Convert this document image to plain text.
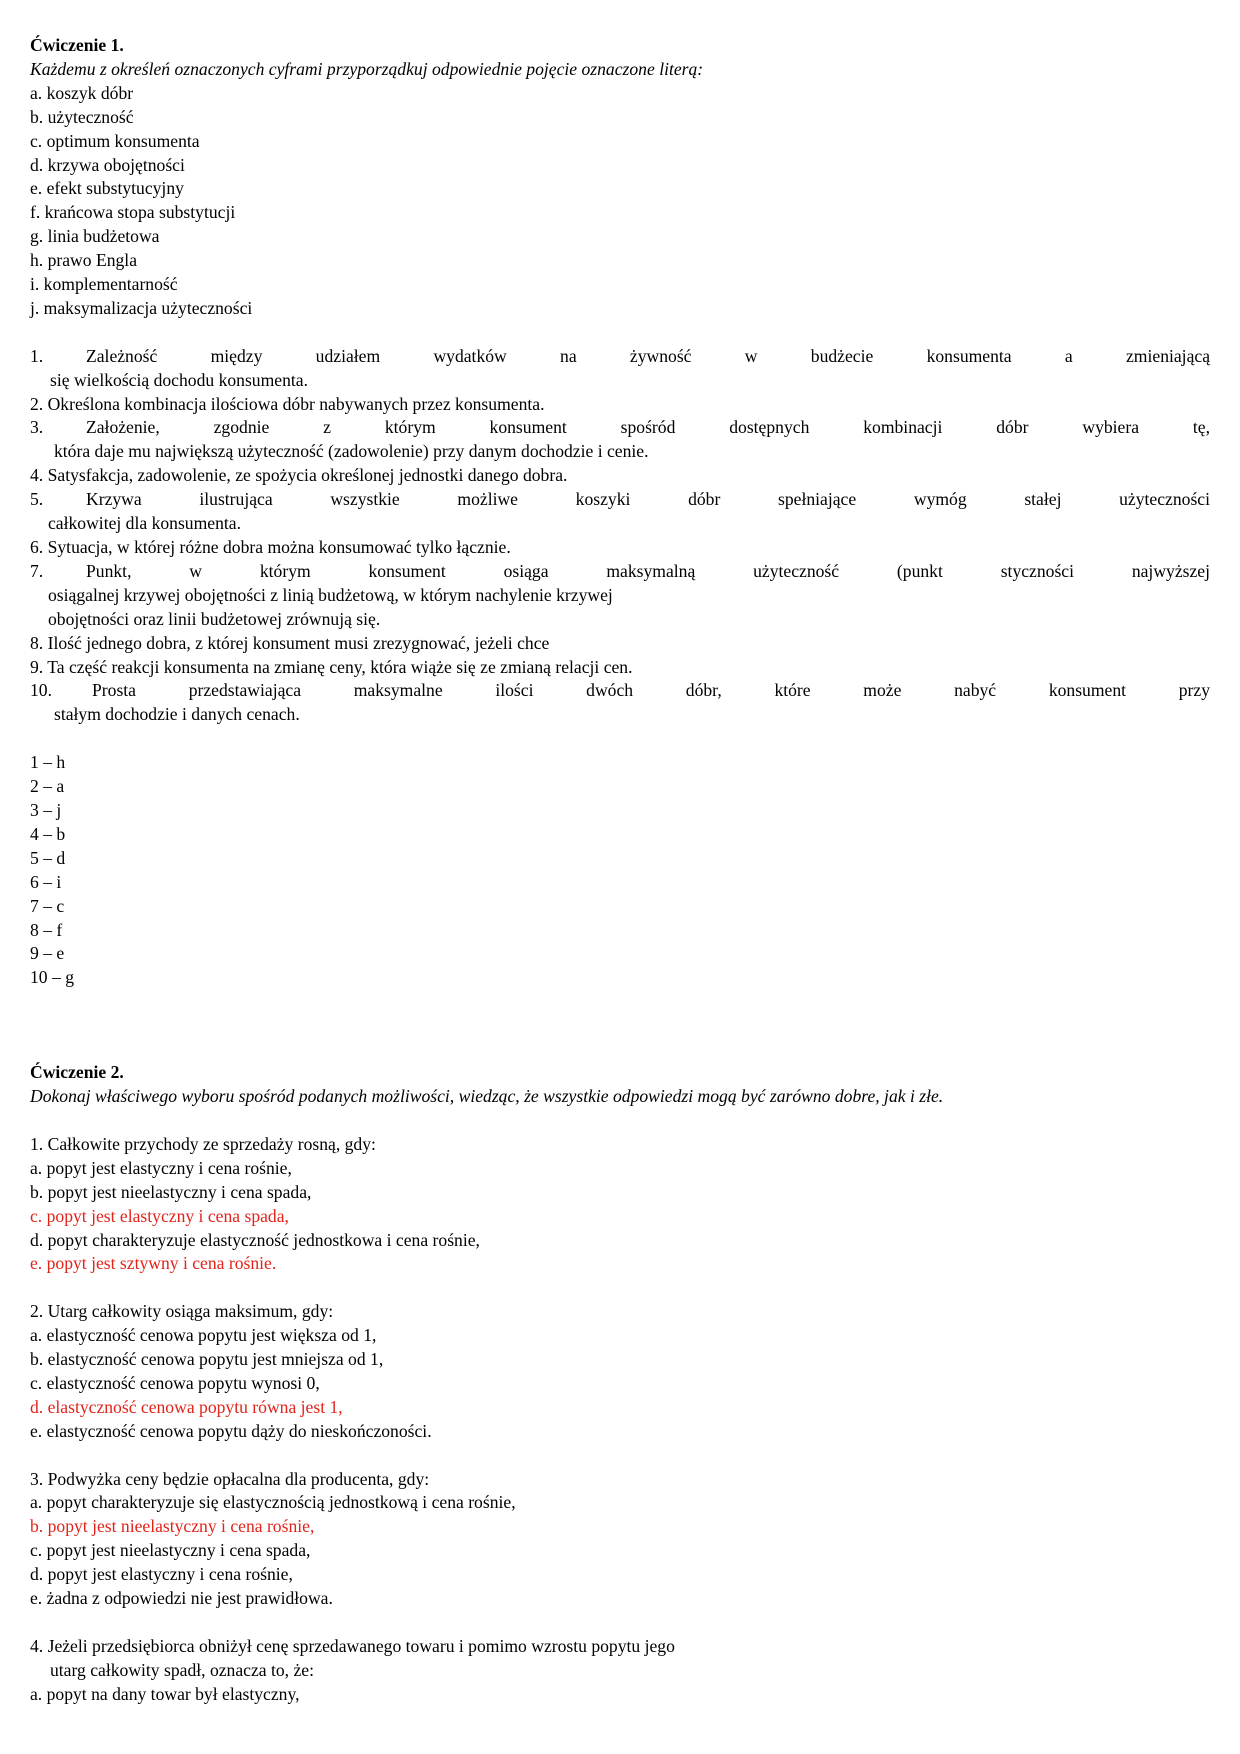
Ćwiczenie 1.
Każdemu z określeń oznaczonych cyframi przyporządkuj odpowiednie pojęcie oznaczone literą:
a. koszyk dóbr
b. użyteczność
c. optimum konsumenta
d. krzywa obojętności
e. efekt substytucyjny
f. krańcowa stopa substytucji
g. linia budżetowa
h. prawo Engla
i. komplementarność
j. maksymalizacja użyteczności
1.	Zależność między udziałem wydatków na żywność w budżecie konsumenta a zmieniającą
się wielkością dochodu konsumenta.
2. Określona kombinacja ilościowa dóbr nabywanych przez konsumenta.
3.	Założenie, zgodnie z którym konsument spośród dostępnych kombinacji dóbr wybiera tę,
która daje mu największą użyteczność (zadowolenie) przy danym dochodzie i cenie.
4. Satysfakcja, zadowolenie, ze spożycia określonej jednostki danego dobra.
5.	Krzywa ilustrująca wszystkie możliwe koszyki dóbr spełniające wymóg stałej użyteczności
całkowitej dla konsumenta.
6. Sytuacja, w której różne dobra można konsumować tylko łącznie.
7.	Punkt, w którym konsument osiąga maksymalną użyteczność (punkt styczności najwyższej
osiągalnej krzywej obojętności z linią budżetową, w którym nachylenie krzywej
obojętności oraz linii budżetowej zrównują się.
8. Ilość jednego dobra, z której konsument musi zrezygnować, jeżeli chce
9. Ta część reakcji konsumenta na zmianę ceny, która wiąże się ze zmianą relacji cen.
10.	Prosta przedstawiająca maksymalne ilości dwóch dóbr, które może nabyć konsument przy
stałym dochodzie i danych cenach.
1 – h
2 – a
3 – j
4 – b
5 – d
6 – i
7 – c
8 – f
9 – e
10 – g
Ćwiczenie 2.
Dokonaj właściwego wyboru spośród podanych możliwości, wiedząc, że wszystkie odpowiedzi mogą być zarówno dobre, jak i złe.
1. Całkowite przychody ze sprzedaży rosną, gdy:
a. popyt jest elastyczny i cena rośnie,
b. popyt jest nieelastyczny i cena spada,
c. popyt jest elastyczny i cena spada,
d. popyt charakteryzuje elastyczność jednostkowa i cena rośnie,
e. popyt jest sztywny i cena rośnie.
2. Utarg całkowity osiąga maksimum, gdy:
a. elastyczność cenowa popytu jest większa od 1,
b. elastyczność cenowa popytu jest mniejsza od 1,
c. elastyczność cenowa popytu wynosi 0,
d. elastyczność cenowa popytu równa jest 1,
e. elastyczność cenowa popytu dąży do nieskończoności.
3. Podwyżka ceny będzie opłacalna dla producenta, gdy:
a. popyt charakteryzuje się elastycznością jednostkową i cena rośnie,
b. popyt jest nieelastyczny i cena rośnie,
c. popyt jest nieelastyczny i cena spada,
d. popyt jest elastyczny i cena rośnie,
e. żadna z odpowiedzi nie jest prawidłowa.
4. Jeżeli przedsiębiorca obniżył cenę sprzedawanego towaru i pomimo wzrostu popytu jego
utarg całkowity spadł, oznacza to, że:
a. popyt na dany towar był elastyczny,
